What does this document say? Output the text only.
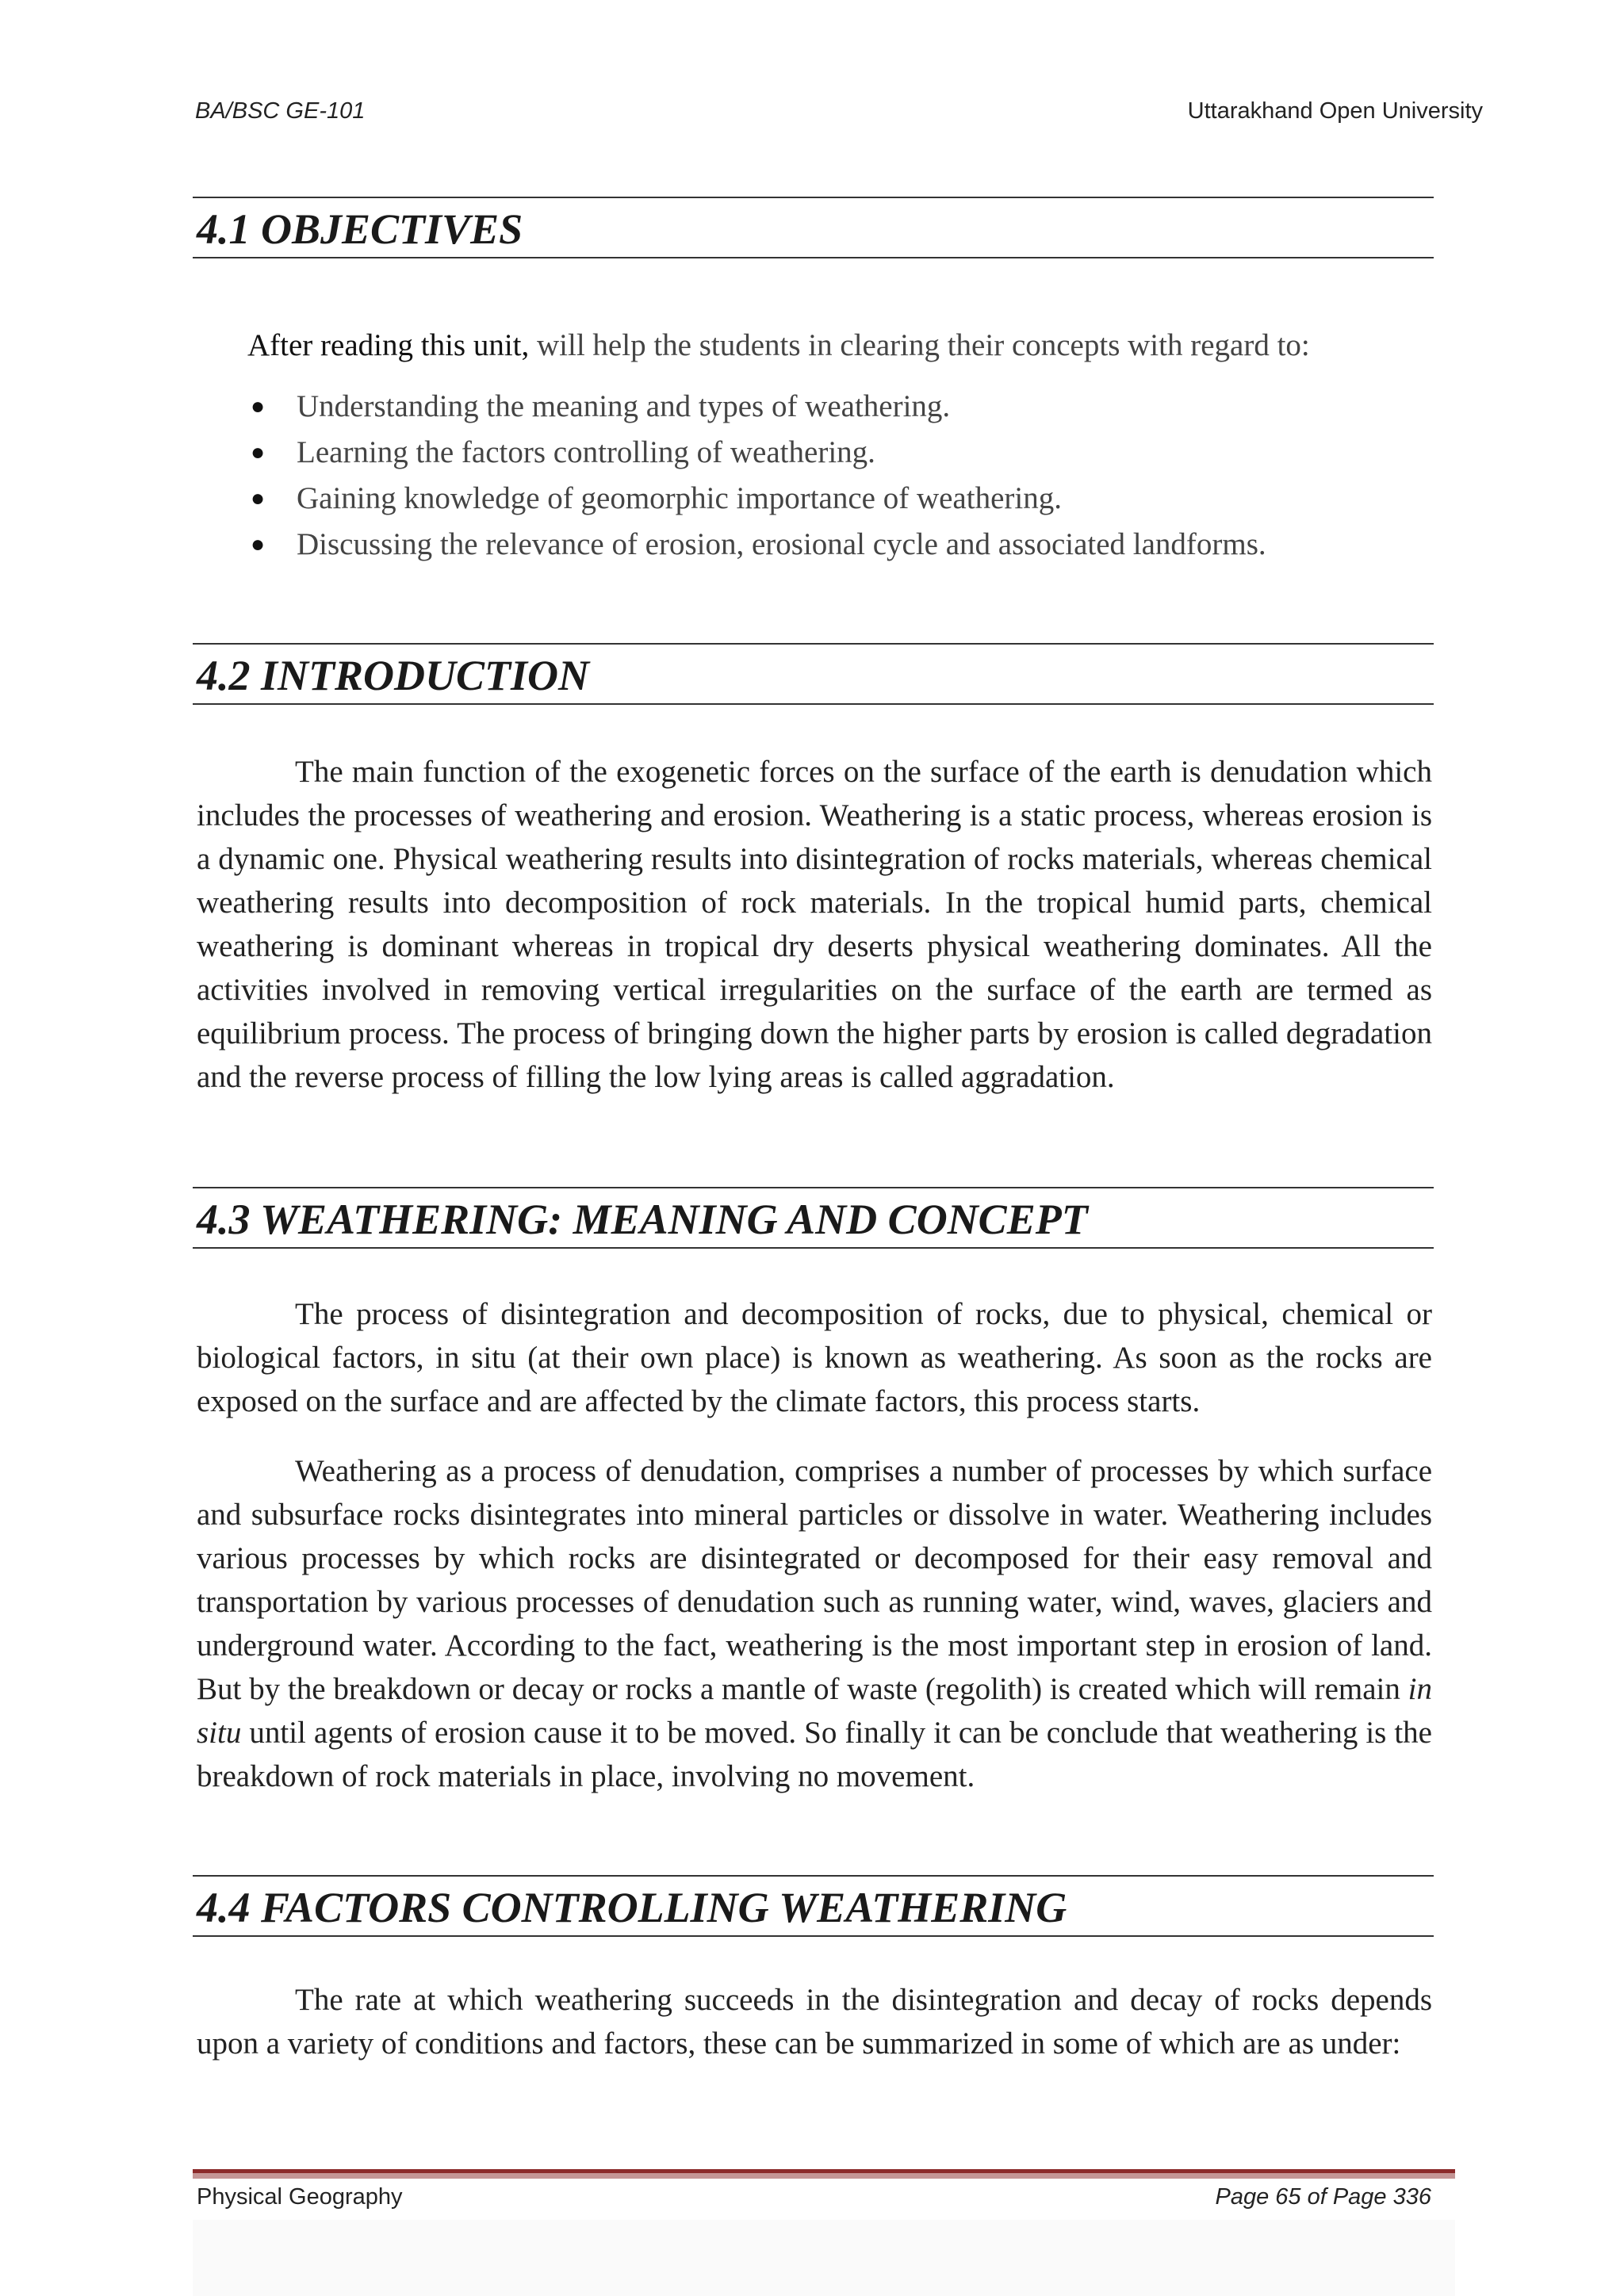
BA/BSC GE-101	Uttarakhand Open University
4.1 OBJECTIVES
After reading this unit, will help the students in clearing their concepts with regard to:
● Understanding the meaning and types of weathering.
● Learning the factors controlling of weathering.
● Gaining knowledge of geomorphic importance of weathering.
● Discussing the relevance of erosion, erosional cycle and associated landforms.
4.2 INTRODUCTION

The main function of the exogenetic forces on the surface of the earth is denudation which includes the processes of weathering and erosion. Weathering is a static process, whereas erosion is a dynamic one. Physical weathering results into disintegration of rocks materials, whereas chemical weathering results into decomposition of rock materials. In the tropical humid parts, chemical weathering is dominant whereas in tropical dry deserts physical weathering dominates. All the activities involved in removing vertical irregularities on the surface of the earth are termed as equilibrium process. The process of bringing down the higher parts by erosion is called degradation and the reverse process of filling the low lying areas is called aggradation.

4.3 WEATHERING: MEANING AND CONCEPT

The process of disintegration and decomposition of rocks, due to physical, chemical or biological factors, in situ (at their own place) is known as weathering. As soon as the rocks are exposed on the surface and are affected by the climate factors, this process starts.

Weathering as a process of denudation, comprises a number of processes by which surface and subsurface rocks disintegrates into mineral particles or dissolve in water. Weathering includes various processes by which rocks are disintegrated or decomposed for their easy removal and transportation by various processes of denudation such as running water, wind, waves, glaciers and underground water. According to the fact, weathering is the most important step in erosion of land. But by the breakdown or decay or rocks a mantle of waste (regolith) is created which will remain in situ until agents of erosion cause it to be moved. So finally it can be conclude that weathering is the breakdown of rock materials in place, involving no movement.

4.4 FACTORS CONTROLLING WEATHERING

The rate at which weathering succeeds in the disintegration and decay of rocks depends upon a variety of conditions and factors, these can be summarized in some of which are as under:

Physical Geography	Page 65 of Page 336
